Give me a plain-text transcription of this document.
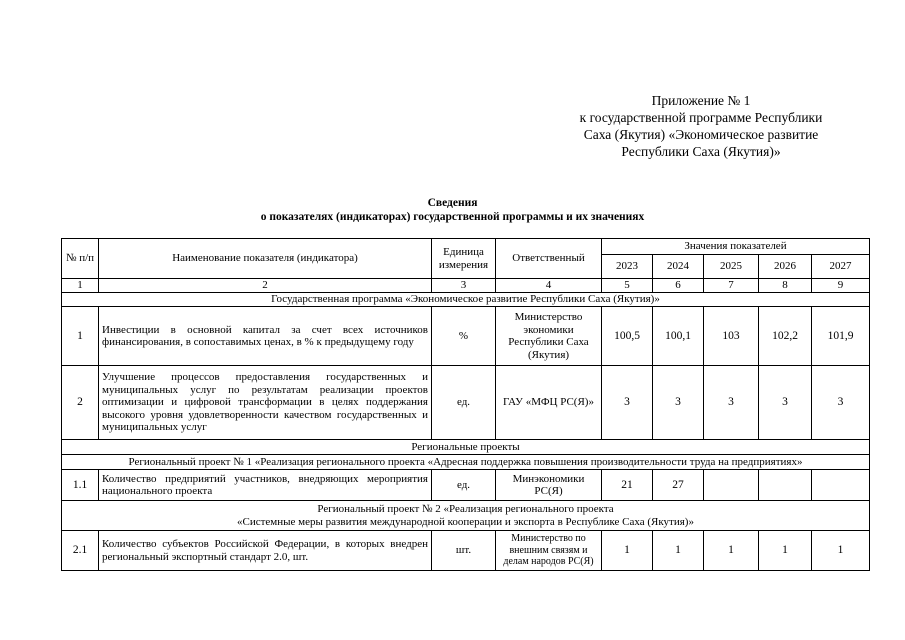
Приложение № 1
к государственной программе Республики
Саха (Якутия) «Экономическое развитие
Республики Саха (Якутия)»
Сведения
о показателях (индикаторах) государственной программы и их значениях
№ п/п	Наименование показателя (индикатора)	Единица измерения	Ответственный	Значения показателей				
				2023	2024	2025	2026	2027
1	2	3	4	5	6	7	8	9
Государственная программа «Экономическое развитие Республики Саха (Якутия)»								
1	Инвестиции в основной капитал за счет всех источников финансирования, в сопоставимых ценах, в % к предыдущему году	%	Министерство экономики Республики Саха (Якутия)	100,5	100,1	103	102,2	101,9
2	Улучшение процессов предоставления государственных и муниципальных услуг по результатам реализации проектов оптимизации и цифровой трансформации в целях поддержания высокого уровня удовлетворенности качеством государственных и муниципальных услуг	ед.	ГАУ «МФЦ РС(Я)»	3	3	3	3	3
Региональные проекты								
Региональный проект № 1 «Реализация регионального проекта «Адресная поддержка повышения производительности труда на предприятиях»								
1.1	Количество предприятий участников, внедряющих мероприятия национального проекта	ед.	Минэкономики РС(Я)	21	27			

Региональный проект № 2 «Реализация регионального проекта
«Системные меры развития международной кооперации и экспорта в Республике Саха (Якутия)»								

2.1	Количество субъектов Российской Федерации, в которых внедрен региональный экспортный стандарт 2.0, шт.	шт.	Министерство по внешним связям и делам народов РС(Я)	1	1	1	1	1
